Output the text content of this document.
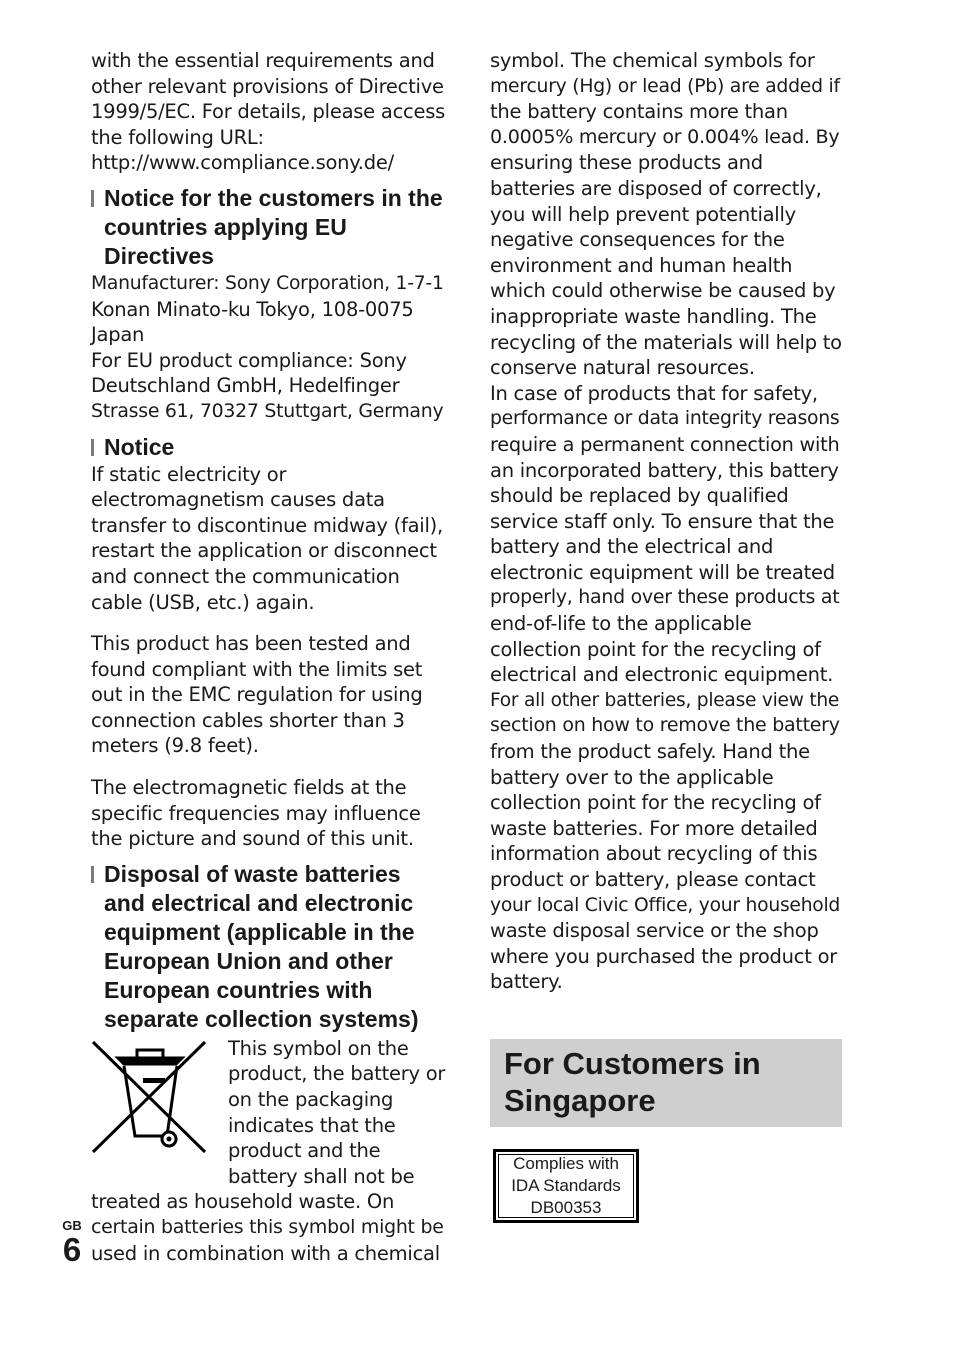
with the essential requirements and

other relevant provisions of Directive

1999/5/EC. For details, please access

the following URL:

http://www.compliance.sony.de/

Notice for the customers in the countries applying EU Directives

Manufacturer: Sony Corporation, 1-7-1

Konan Minato-ku Tokyo, 108-0075

Japan

For EU product compliance: Sony

Deutschland GmbH, Hedelfinger

Strasse 61, 70327 Stuttgart, Germany

Notice

If static electricity or

electromagnetism causes data

transfer to discontinue midway (fail),

restart the application or disconnect

and connect the communication

cable (USB, etc.) again.

This product has been tested and

found compliant with the limits set

out in the EMC regulation for using

connection cables shorter than 3

meters (9.8 feet).

The electromagnetic fields at the

specific frequencies may influence

the picture and sound of this unit.

Disposal of waste batteries and electrical and electronic equipment (applicable in the European Union and other European countries with separate collection systems)

This symbol on the

product, the battery or

on the packaging

indicates that the

product and the

battery shall not be

treated as household waste. On

certain batteries this symbol might be

used in combination with a chemical

symbol. The chemical symbols for

mercury (Hg) or lead (Pb) are added if

the battery contains more than

0.0005% mercury or 0.004% lead. By

ensuring these products and

batteries are disposed of correctly,

you will help prevent potentially

negative consequences for the

environment and human health

which could otherwise be caused by

inappropriate waste handling. The

recycling of the materials will help to

conserve natural resources.

In case of products that for safety,

performance or data integrity reasons

require a permanent connection with

an incorporated battery, this battery

should be replaced by qualified

service staff only. To ensure that the

battery and the electrical and

electronic equipment will be treated

properly, hand over these products at

end-of-life to the applicable

collection point for the recycling of

electrical and electronic equipment.

For all other batteries, please view the

section on how to remove the battery

from the product safely. Hand the

battery over to the applicable

collection point for the recycling of

waste batteries. For more detailed

information about recycling of this

product or battery, please contact

your local Civic Office, your household

waste disposal service or the shop

where you purchased the product or

battery.

For Customers in
Singapore
Complies with
IDA Standards
DB00353
GB
6
